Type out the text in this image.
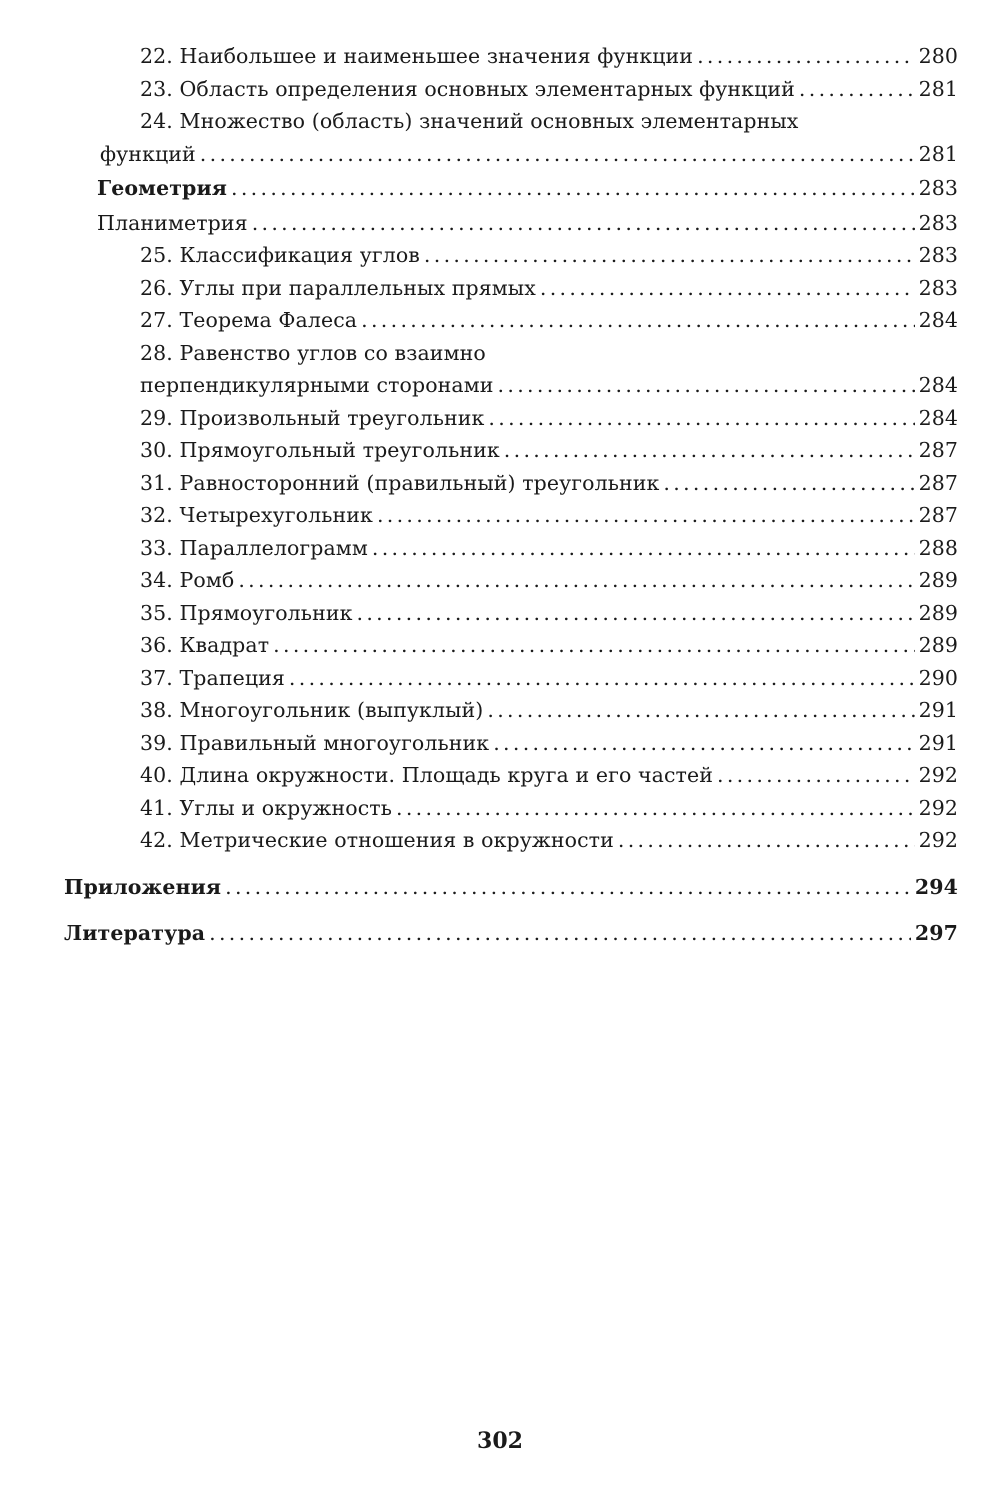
22. Наибольшее и наименьшее значения функции . . .	280
23. Область определения основных элементарных функций . . .	281
24. Множество (область) значений основных элементарных
функций . . .	281
Геометрия . . .	283
Планиметрия . . .	283
25. Классификация углов . . .	283
26. Углы при параллельных прямых . . .	283
27. Теорема Фалеса . . .	284
28. Равенство углов со взаимно
перпендикулярными сторонами . . .	284
29. Произвольный треугольник . . .	284
30. Прямоугольный треугольник . . .	287
31. Равносторонний (правильный) треугольник . . .	287
32. Четырехугольник . . .	287
33. Параллелограмм . . .	288
34. Ромб . . .	289
35. Прямоугольник . . .	289
36. Квадрат . . .	289
37. Трапеция . . .	290
38. Многоугольник (выпуклый) . . .	291
39. Правильный многоугольник . . .	291
40. Длина окружности. Площадь круга и его частей . . .	292
41. Углы и окружность . . .	292
42. Метрические отношения в окружности . . .	292
Приложения . . .	294
Литература . . .	297
302
